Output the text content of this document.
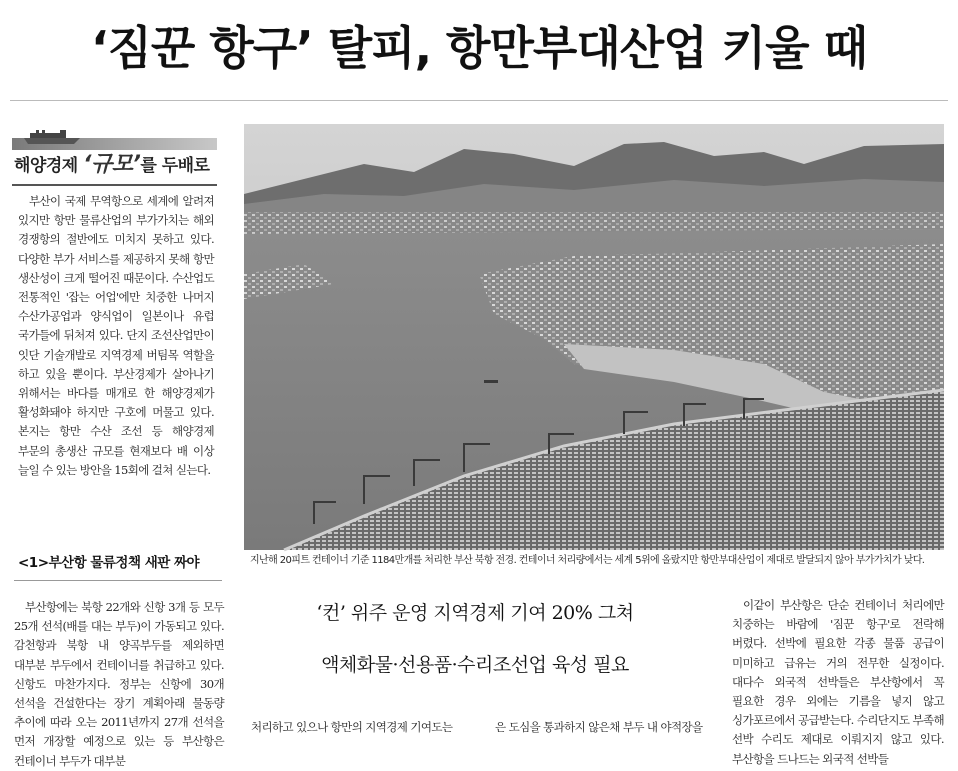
‘짐꾼 항구’ 탈피, 항만부대산업 키울 때
해양경제 ‘ 규모 ’ 를 두배로

부산이 국제 무역항으로 세계에 알려져 있지만 항만 물류산업의 부가가치는 해외 경쟁항의 절반에도 미치지 못하고 있다. 다양한 부가 서비스를 제공하지 못해 항만 생산성이 크게 떨어진 때문이다. 수산업도 전통적인 '잡는 어업'에만 치중한 나머지 수산가공업과 양식업이 일본이나 유럽 국가들에 뒤처져 있다. 단지 조선산업만이 잇단 기술개발로 지역경제 버팀목 역할을 하고 있을 뿐이다. 부산경제가 살아나기 위해서는 바다를 매개로 한 해양경제가 활성화돼야 하지만 구호에 머물고 있다. 본지는 항만 수산 조선 등 해양경제 부문의 총생산 규모를 현재보다 배 이상 늘일 수 있는 방안을 15회에 걸쳐 싣는다.

<1>부산항 물류정책 새판 짜야

부산항에는 북항 22개와 신항 3개 등 모두 25개 선석(배를 대는 부두)이 가동되고 있다. 감천항과 북항 내 양곡부두를 제외하면 대부분 부두에서 컨테이너를 취급하고 있다. 신항도 마찬가지다. 정부는 신항에 30개 선석을 건설한다는 장기 계획아래 물동량 추이에 따라 오는 2011년까지 27개 선석을 먼저 개장할 예정으로 있는 등 부산항은 컨테이너 부두가 대부분

지난해 20피트 컨테이너 기준 1184만개를 처리한 부산 북항 전경. 컨테이너 처리량에서는 세계 5위에 올랐지만 항만부대산업이 제대로 발달되지 않아 부가가치가 낮다.
‘컨’ 위주 운영 지역경제 기여 20% 그쳐
액체화물·선용품·수리조선업 육성 필요

처리하고 있으나 항만의 지역경제 기여도는	은 도심을 통과하지 않은채 부두 내 야적장을

이같이 부산항은 단순 컨테이너 처리에만 치중하는 바람에 '짐꾼 항구'로 전락해 버렸다. 선박에 필요한 각종 물품 공급이 미미하고 급유는 거의 전무한 실정이다. 대다수 외국적 선박들은 부산항에서 꼭 필요한 경우 외에는 기름을 넣지 않고 싱가포르에서 공급받는다. 수리단지도 부족해 선박 수리도 제대로 이뤄지지 않고 있다. 부산항을 드나드는 외국적 선박들
